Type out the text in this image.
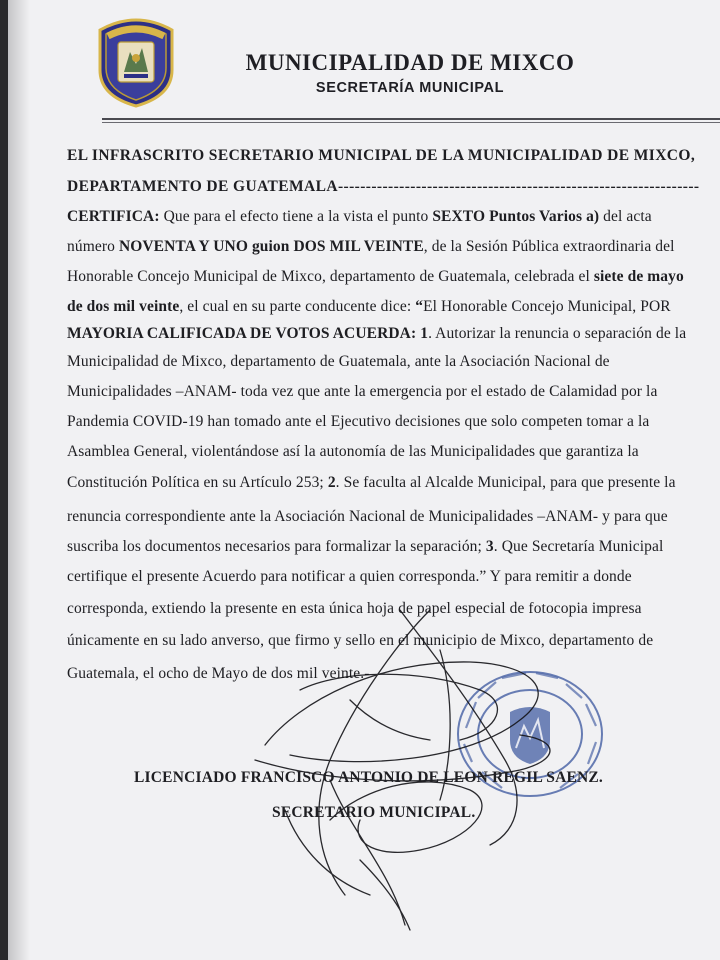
MUNICIPALIDAD DE MIXCO
SECRETARÍA MUNICIPAL
EL INFRASCRITO SECRETARIO MUNICIPAL DE LA MUNICIPALIDAD DE MIXCO,
DEPARTAMENTO DE GUATEMALA-----------------------------------------------------------------
CERTIFICA: Que para el efecto tiene a la vista el punto SEXTO Puntos Varios a) del acta
número NOVENTA Y UNO guion DOS MIL VEINTE, de la Sesión Pública extraordinaria del
Honorable Concejo Municipal de Mixco, departamento de Guatemala, celebrada el siete de mayo
de dos mil veinte, el cual en su parte conducente dice: “El Honorable Concejo Municipal, POR
MAYORIA CALIFICADA DE VOTOS ACUERDA: 1. Autorizar la renuncia o separación de la
Municipalidad de Mixco, departamento de Guatemala, ante la Asociación Nacional de
Municipalidades –ANAM- toda vez que ante la emergencia por el estado de Calamidad por la
Pandemia COVID-19 han tomado ante el Ejecutivo decisiones que solo competen tomar a la
Asamblea General, violentándose así la autonomía de las Municipalidades que garantiza la
Constitución Política en su Artículo 253; 2. Se faculta al Alcalde Municipal, para que presente la
renuncia correspondiente ante la Asociación Nacional de Municipalidades –ANAM- y para que
suscriba los documentos necesarios para formalizar la separación; 3. Que Secretaría Municipal
certifique el presente Acuerdo para notificar a quien corresponda.” Y para remitir a donde
corresponda, extiendo la presente en esta única hoja de papel especial de fotocopia impresa
únicamente en su lado anverso, que firmo y sello en el municipio de Mixco, departamento de
Guatemala, el ocho de Mayo de dos mil veinte.-
LICENCIADO FRANCISCO ANTONIO DE LEON REGIL SAENZ.
SECRETARIO MUNICIPAL.
